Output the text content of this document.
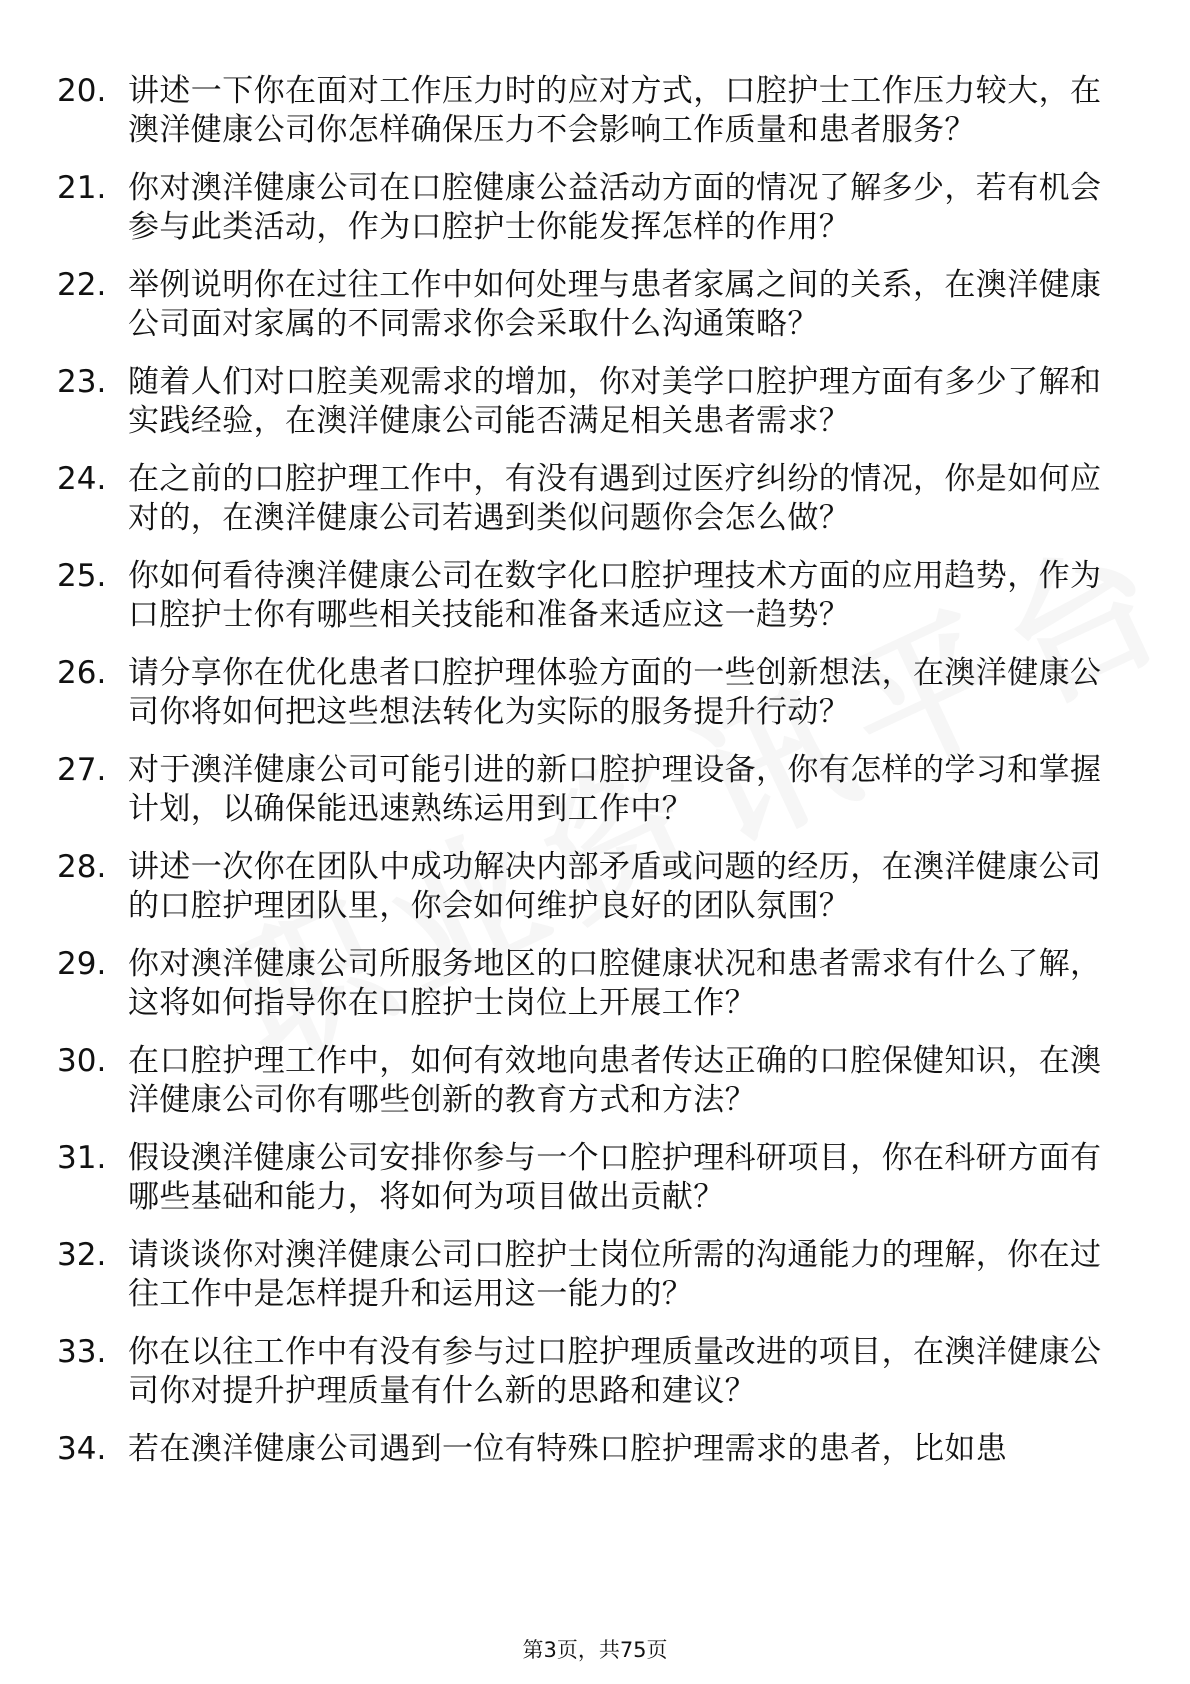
20. 讲述一下你在面对工作压力时的应对方式，口腔护士工作压力较大，在澳洋健康公司你怎样确保压力不会影响工作质量和患者服务？
21. 你对澳洋健康公司在口腔健康公益活动方面的情况了解多少，若有机会参与此类活动，作为口腔护士你能发挥怎样的作用？
22. 举例说明你在过往工作中如何处理与患者家属之间的关系，在澳洋健康公司面对家属的不同需求你会采取什么沟通策略？
23. 随着人们对口腔美观需求的增加，你对美学口腔护理方面有多少了解和实践经验，在澳洋健康公司能否满足相关患者需求？
24. 在之前的口腔护理工作中，有没有遇到过医疗纠纷的情况，你是如何应对的，在澳洋健康公司若遇到类似问题你会怎么做？
25. 你如何看待澳洋健康公司在数字化口腔护理技术方面的应用趋势，作为口腔护士你有哪些相关技能和准备来适应这一趋势？
26. 请分享你在优化患者口腔护理体验方面的一些创新想法，在澳洋健康公司你将如何把这些想法转化为实际的服务提升行动？
27. 对于澳洋健康公司可能引进的新口腔护理设备，你有怎样的学习和掌握计划，以确保能迅速熟练运用到工作中？
28. 讲述一次你在团队中成功解决内部矛盾或问题的经历，在澳洋健康公司的口腔护理团队里，你会如何维护良好的团队氛围？
29. 你对澳洋健康公司所服务地区的口腔健康状况和患者需求有什么了解，这将如何指导你在口腔护士岗位上开展工作？
30. 在口腔护理工作中，如何有效地向患者传达正确的口腔保健知识，在澳洋健康公司你有哪些创新的教育方式和方法？
31. 假设澳洋健康公司安排你参与一个口腔护理科研项目，你在科研方面有哪些基础和能力，将如何为项目做出贡献？
32. 请谈谈你对澳洋健康公司口腔护士岗位所需的沟通能力的理解，你在过往工作中是怎样提升和运用这一能力的？
33. 你在以往工作中有没有参与过口腔护理质量改进的项目，在澳洋健康公司你对提升护理质量有什么新的思路和建议？
34. 若在澳洋健康公司遇到一位有特殊口腔护理需求的患者，比如患
第3页，共75页
